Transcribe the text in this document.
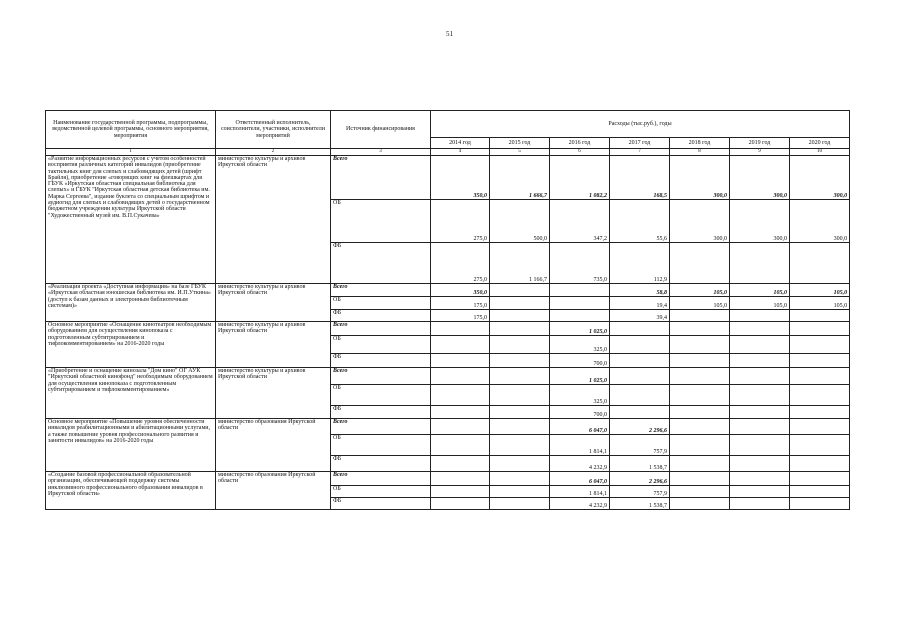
51
Наименование государственной программы, подпрограммы, ведомственной целевой программы, основного мероприятия, мероприятия	Ответственный исполнитель, соисполнители, участники, исполнители мероприятий	Источник финансирования	Расходы (тыс.руб.), годы						
			2014 год	2015 год	2016 год	2017 год	2018 год	2019 год	2020 год
1	2	3	4	5	6	7	8	9	10
«Развитие информационных ресурсов с учетом особенностей восприятия различных категорий инвалидов (приобретение тактильных книг для слепых и слабовидящих детей (шрифт Брайля), приобретение «говорящих книг на флешкартах для ГБУК «Иркутская областная специальная библиотека для слепых» и ГБУК "Иркутская областная детская библиотека им. Марка Сергеева", издание буклета со специальным шрифтом и аудиогид для слепых и слабовидящих детей о государственном бюджетном учреждении культуры Иркутской области "Художественный музей им. В.П.Сукачева»	министерство культуры и архивов Иркутской области	Всего	350,0	1 666,7	1 082,2	168,5	300,0	300,0	300,0
		ОБ	275,0	500,0	347,2	55,6	300,0	300,0	300,0
		ФБ	275,0	1 166,7	735,0	112,9			
«Реализация проекта «Доступная информация» на базе ГБУК «Иркутская областная юношеская библиотека им. И.П.Уткина» (доступ к базам данных и электронным библиотечным системам)»	министерство культуры и архивов Иркутской области	Всего	350,0			58,8	105,0	105,0	105,0
		ОБ	175,0			19,4	105,0	105,0	105,0
		ФБ	175,0			39,4			
Основное мероприятие «Оснащение кинотеатров необходимым оборудованием для осуществления кинопоказа с подготовленным субтитрированием и тифлокомментированием» на 2016-2020 годы	министерство культуры и архивов Иркутской области	Всего			1 025,0				
		ОБ			325,0				
		ФБ			700,0				
«Приобретение и оснащение кинозала "Дом кино" ОГ АУК "Иркутский областной кинофонд" необходимым оборудованием для осуществления кинопоказа с подготовленным субтитрированием и тифлокомментированием»	министерство культуры и архивов Иркутской области	Всего			1 025,0				
		ОБ			325,0				
		ФБ			700,0				
Основное мероприятие «Повышение уровня обеспеченности инвалидов реабилитационными и абилитационными услугами, а также повышение уровня профессионального развития и занятости инвалидов» на 2016-2020 годы	министерство образования Иркутской области	Всего			6 047,0	2 296,6			
		ОБ			1 814,1	757,9			
		ФБ			4 232,9	1 538,7			
«Создание базовой профессиональной образовательной организации, обеспечивающей поддержку системы инклюзивного профессионального образования инвалидов в Иркутской области»	министерство образования Иркутской области	Всего			6 047,0	2 296,6			
		ОБ			1 814,1	757,9			
		ФБ			4 232,9	1 538,7			
